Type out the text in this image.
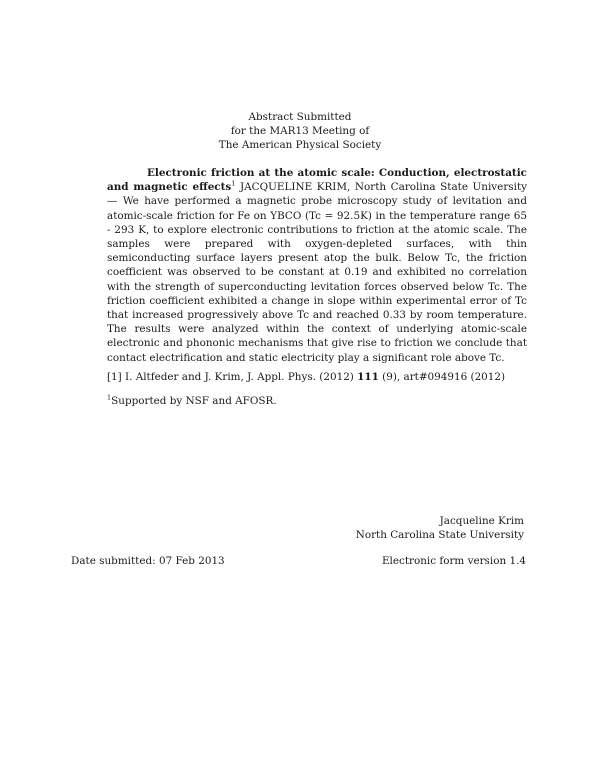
Abstract Submitted
for the MAR13 Meeting of
The American Physical Society

Electronic friction at the atomic scale: Conduction, electrostatic and magnetic effects$^1$ JACQUELINE KRIM, North Carolina State University — We have performed a magnetic probe microscopy study of levitation and atomic-scale friction for Fe on YBCO (Tc = 92.5K) in the temperature range 65 - 293 K, to explore electronic contributions to friction at the atomic scale. The samples were prepared with oxygen-depleted surfaces, with thin semiconducting surface layers present atop the bulk. Below Tc, the friction coefficient was observed to be constant at 0.19 and exhibited no correlation with the strength of superconducting levitation forces observed below Tc. The friction coefficient exhibited a change in slope within experimental error of Tc that increased progressively above Tc and reached 0.33 by room temperature. The results were analyzed within the context of underlying atomic-scale electronic and phononic mechanisms that give rise to friction we conclude that contact electrification and static electricity play a significant role above Tc.

[1] I. Altfeder and J. Krim, J. Appl. Phys. (2012) 111 (9), art#094916 (2012)

$^1$Supported by NSF and AFOSR.

Jacqueline Krim
North Carolina State University
Date submitted: 07 Feb 2013	Electronic form version 1.4
